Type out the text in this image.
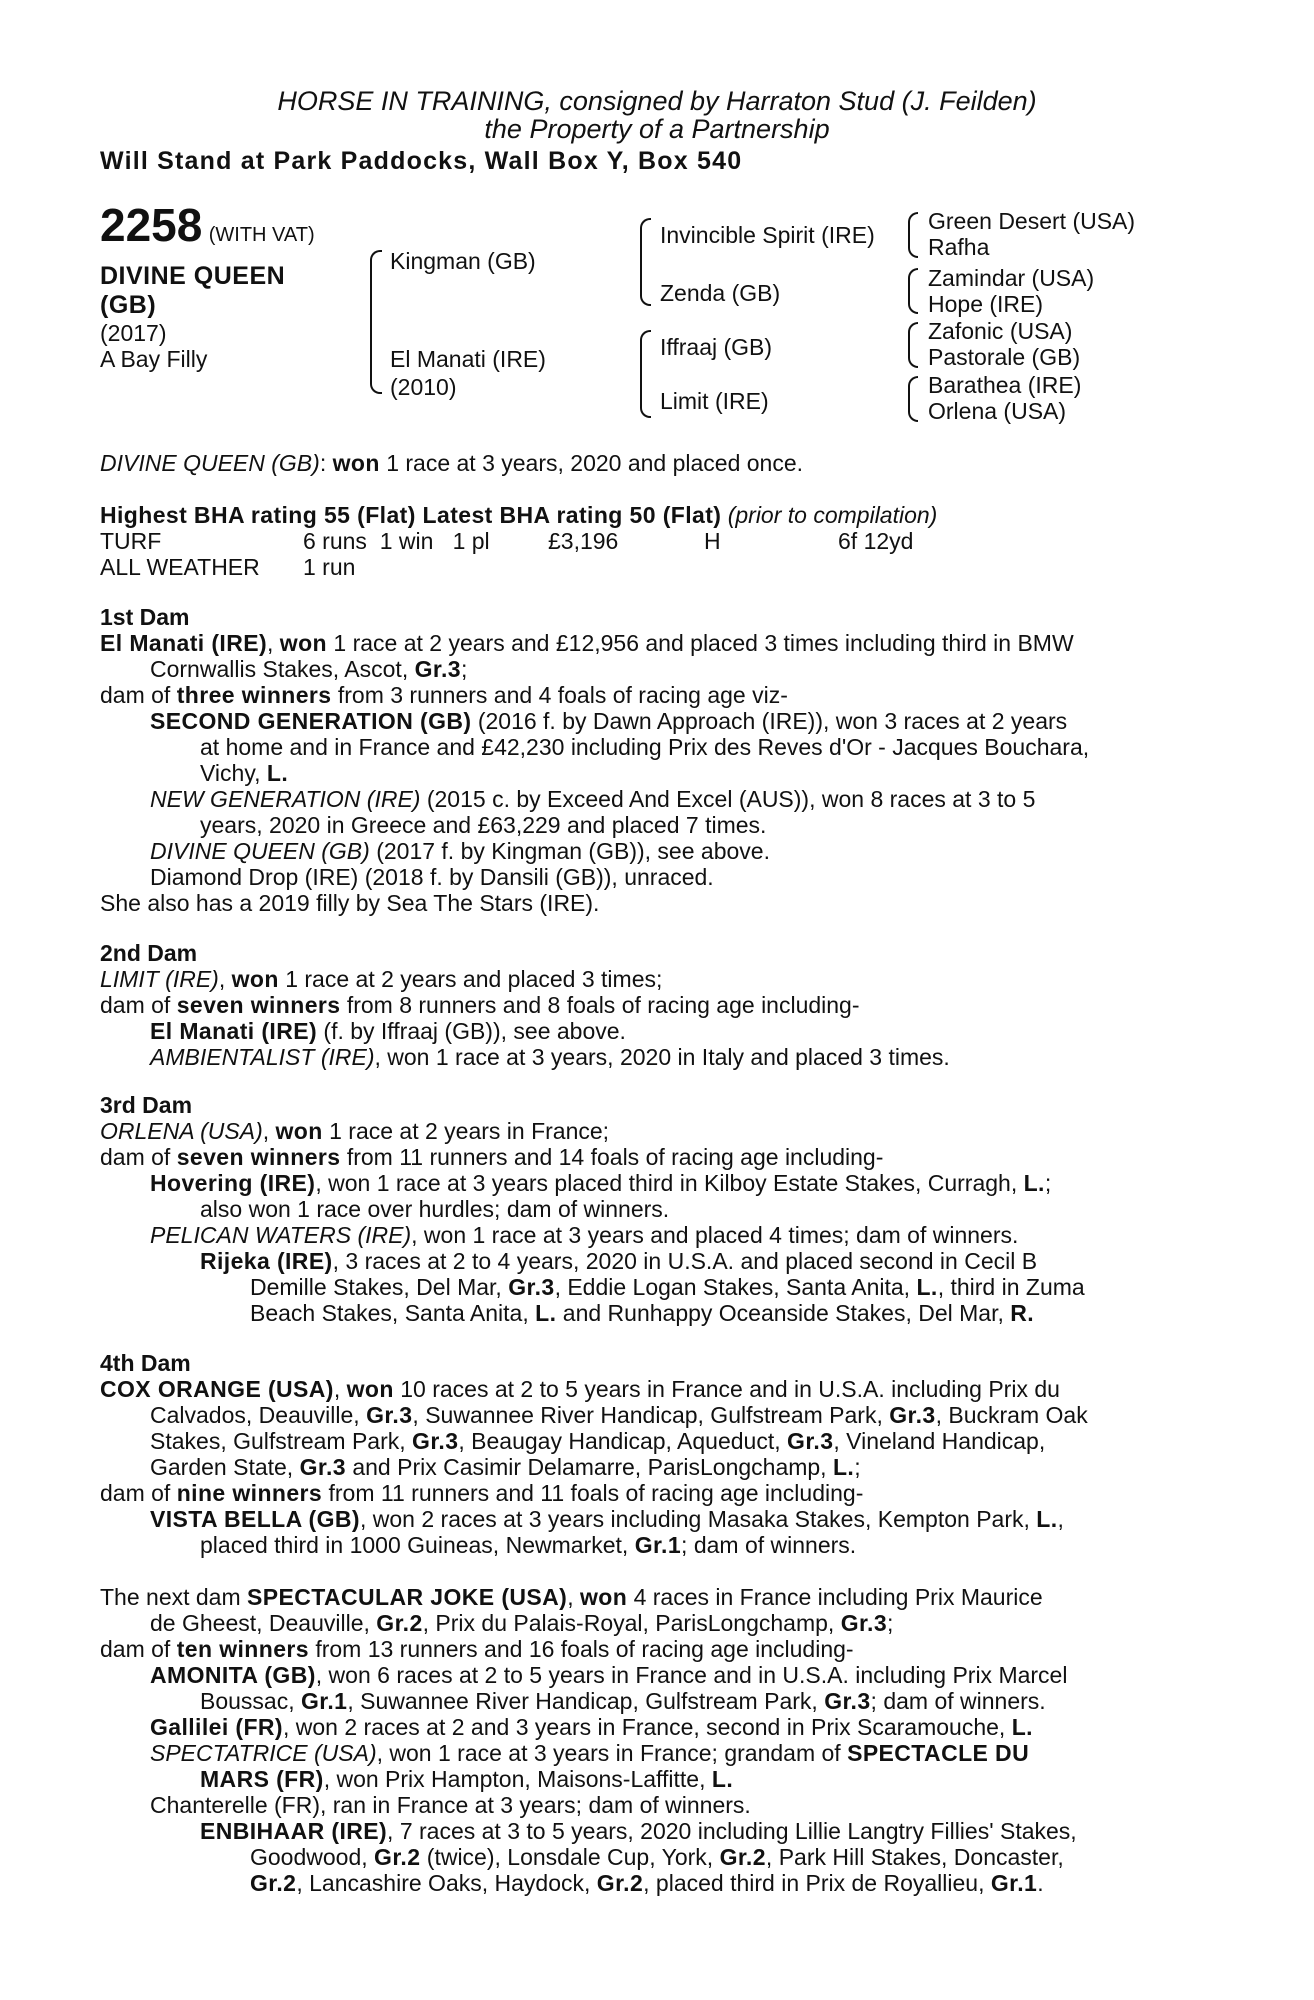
HORSE IN TRAINING, consigned by Harraton Stud (J. Feilden)
the Property of a Partnership
Will Stand at Park Paddocks, Wall Box Y, Box 540
2258 (WITH VAT)
DIVINE QUEEN
(GB)
(2017)
A Bay Filly
Kingman (GB)
El Manati (IRE)
(2010)
Invincible Spirit (IRE)
Zenda (GB)
Iffraaj (GB)
Limit (IRE)
Green Desert (USA)
Rafha
Zamindar (USA)
Hope (IRE)
Zafonic (USA)
Pastorale (GB)
Barathea (IRE)
Orlena (USA)
DIVINE QUEEN (GB): won 1 race at 3 years, 2020 and placed once.
Highest BHA rating 55 (Flat) Latest BHA rating 50 (Flat) (prior to compilation)
TURF	6 runs  1 win   1 pl	£3,196	H	6f 12yd
ALL WEATHER 1 run
1st Dam
El Manati (IRE), won 1 race at 2 years and £12,956 and placed 3 times including third in BMW
Cornwallis Stakes, Ascot, Gr.3;
dam of three winners from 3 runners and 4 foals of racing age viz-
SECOND GENERATION (GB) (2016 f. by Dawn Approach (IRE)), won 3 races at 2 years
at home and in France and £42,230 including Prix des Reves d'Or - Jacques Bouchara,
Vichy, L.
NEW GENERATION (IRE) (2015 c. by Exceed And Excel (AUS)), won 8 races at 3 to 5
years, 2020 in Greece and £63,229 and placed 7 times.
DIVINE QUEEN (GB) (2017 f. by Kingman (GB)), see above.
Diamond Drop (IRE) (2018 f. by Dansili (GB)), unraced.
She also has a 2019 filly by Sea The Stars (IRE).
2nd Dam
LIMIT (IRE), won 1 race at 2 years and placed 3 times;
dam of seven winners from 8 runners and 8 foals of racing age including-
El Manati (IRE) (f. by Iffraaj (GB)), see above.
AMBIENTALIST (IRE), won 1 race at 3 years, 2020 in Italy and placed 3 times.
3rd Dam
ORLENA (USA), won 1 race at 2 years in France;
dam of seven winners from 11 runners and 14 foals of racing age including-
Hovering (IRE), won 1 race at 3 years placed third in Kilboy Estate Stakes, Curragh, L.;
also won 1 race over hurdles; dam of winners.
PELICAN WATERS (IRE), won 1 race at 3 years and placed 4 times; dam of winners.
Rijeka (IRE), 3 races at 2 to 4 years, 2020 in U.S.A. and placed second in Cecil B
Demille Stakes, Del Mar, Gr.3, Eddie Logan Stakes, Santa Anita, L., third in Zuma
Beach Stakes, Santa Anita, L. and Runhappy Oceanside Stakes, Del Mar, R.
4th Dam
COX ORANGE (USA), won 10 races at 2 to 5 years in France and in U.S.A. including Prix du
Calvados, Deauville, Gr.3, Suwannee River Handicap, Gulfstream Park, Gr.3, Buckram Oak
Stakes, Gulfstream Park, Gr.3, Beaugay Handicap, Aqueduct, Gr.3, Vineland Handicap,
Garden State, Gr.3 and Prix Casimir Delamarre, ParisLongchamp, L.;
dam of nine winners from 11 runners and 11 foals of racing age including-
VISTA BELLA (GB), won 2 races at 3 years including Masaka Stakes, Kempton Park, L.,
placed third in 1000 Guineas, Newmarket, Gr.1; dam of winners.
The next dam SPECTACULAR JOKE (USA), won 4 races in France including Prix Maurice
de Gheest, Deauville, Gr.2, Prix du Palais-Royal, ParisLongchamp, Gr.3;
dam of ten winners from 13 runners and 16 foals of racing age including-
AMONITA (GB), won 6 races at 2 to 5 years in France and in U.S.A. including Prix Marcel
Boussac, Gr.1, Suwannee River Handicap, Gulfstream Park, Gr.3; dam of winners.
Gallilei (FR), won 2 races at 2 and 3 years in France, second in Prix Scaramouche, L.
SPECTATRICE (USA), won 1 race at 3 years in France; grandam of SPECTACLE DU
MARS (FR), won Prix Hampton, Maisons-Laffitte, L.
Chanterelle (FR), ran in France at 3 years; dam of winners.
ENBIHAAR (IRE), 7 races at 3 to 5 years, 2020 including Lillie Langtry Fillies' Stakes,
Goodwood, Gr.2 (twice), Lonsdale Cup, York, Gr.2, Park Hill Stakes, Doncaster,
Gr.2, Lancashire Oaks, Haydock, Gr.2, placed third in Prix de Royallieu, Gr.1.
